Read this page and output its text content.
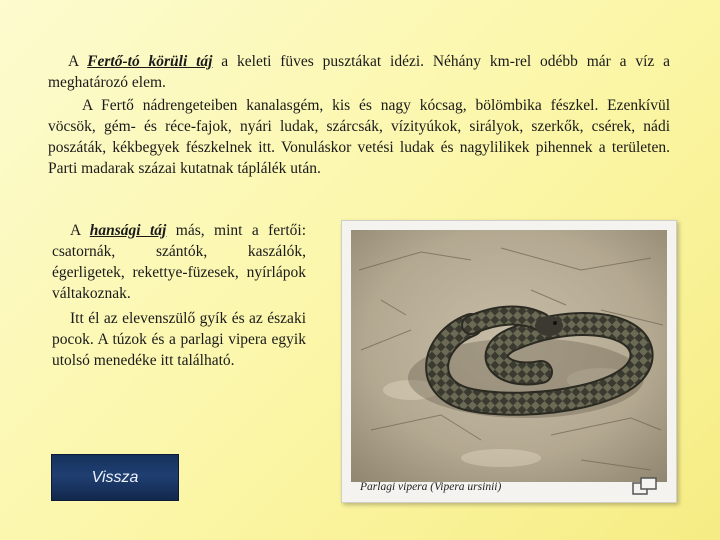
A Fertő-tó körüli táj a keleti füves pusztákat idézi. Néhány km-rel odébb már a víz a meghatározó elem.

A Fertő nádrengeteiben kanalasgém, kis és nagy kócsag, bölömbika fészkel. Ezenkívül vöcsök, gém- és réce-fajok, nyári ludak, szárcsák, vízityúkok, sirályok, szerkők, csérek, nádi poszáták, kékbegyek fészkelnek itt. Vonuláskor vetési ludak és nagylilikek pihennek a területen. Parti madarak százai kutatnak táplálék után.

A hansági táj más, mint a fertői: csatornák, szántók, kaszálók, égerligetek, rekettye-füzesek, nyírlápok váltakoznak.

Itt él az elevenszülő gyík és az északi pocok. A túzok és a parlagi vipera egyik utolsó menedéke itt található.

Vissza
Parlagi vipera (Vipera ursinii)
